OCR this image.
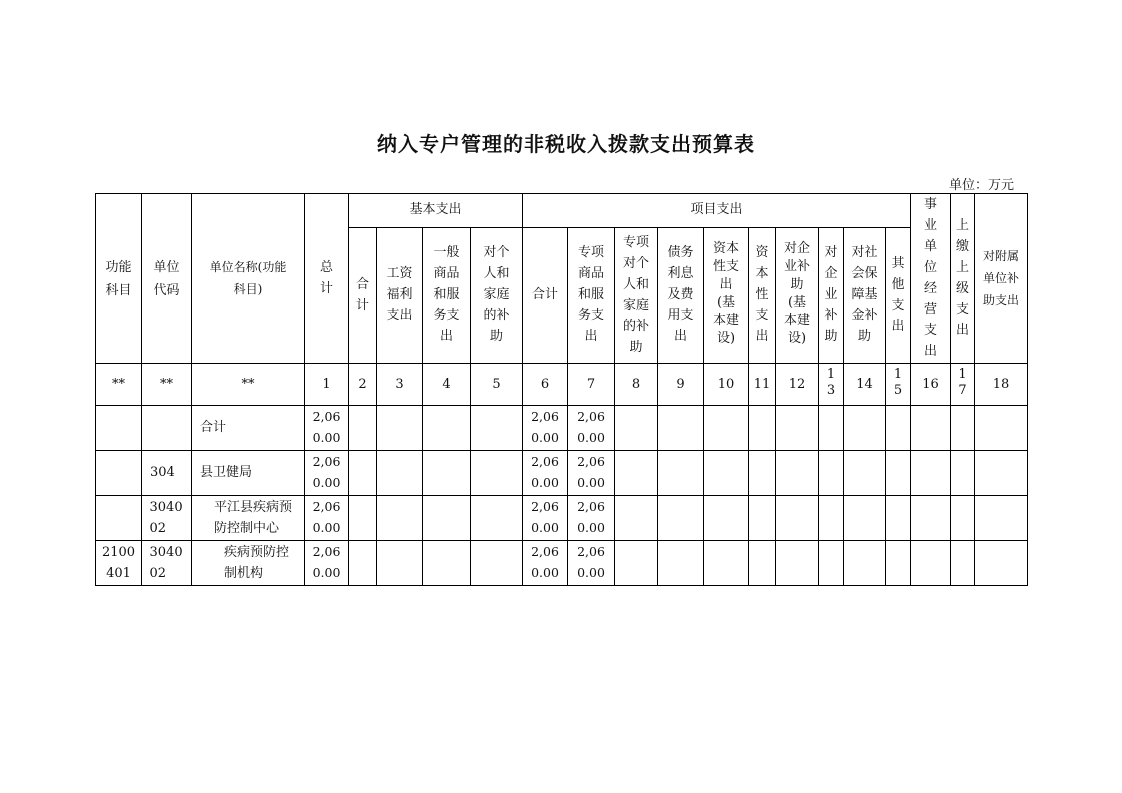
纳入专户管理的非税收入拨款支出预算表
单位：万元
功能科目	单位代码	单位名称(功能科目)	总计	基本支出				项目支出										事业单位经营支出	上缴上级支出	对附属单位补助支出
				合计	工资福利支出	一般商品和服务支出	对个人和家庭的补助	合计	专项商品和服务支出	专项对个人和家庭的补助	债务利息及费用支出	资本性支出(基本建设)	资本性支出	对企业补助(基本建设)	对企业补助	对社会保障基金补助	其他支出			
**	**	**	1	2	3	4	5	6	7	8	9	10	11	12	13	14	15	16	17	18
		合计	2,060.00					2,060.00	2,060.00											
	304	县卫健局	2,060.00					2,060.00	2,060.00											
	304002	平江县疾病预防控制中心	2,060.00					2,060.00	2,060.00											
2100401	304002	疾病预防控制机构	2,060.00					2,060.00	2,060.00											
